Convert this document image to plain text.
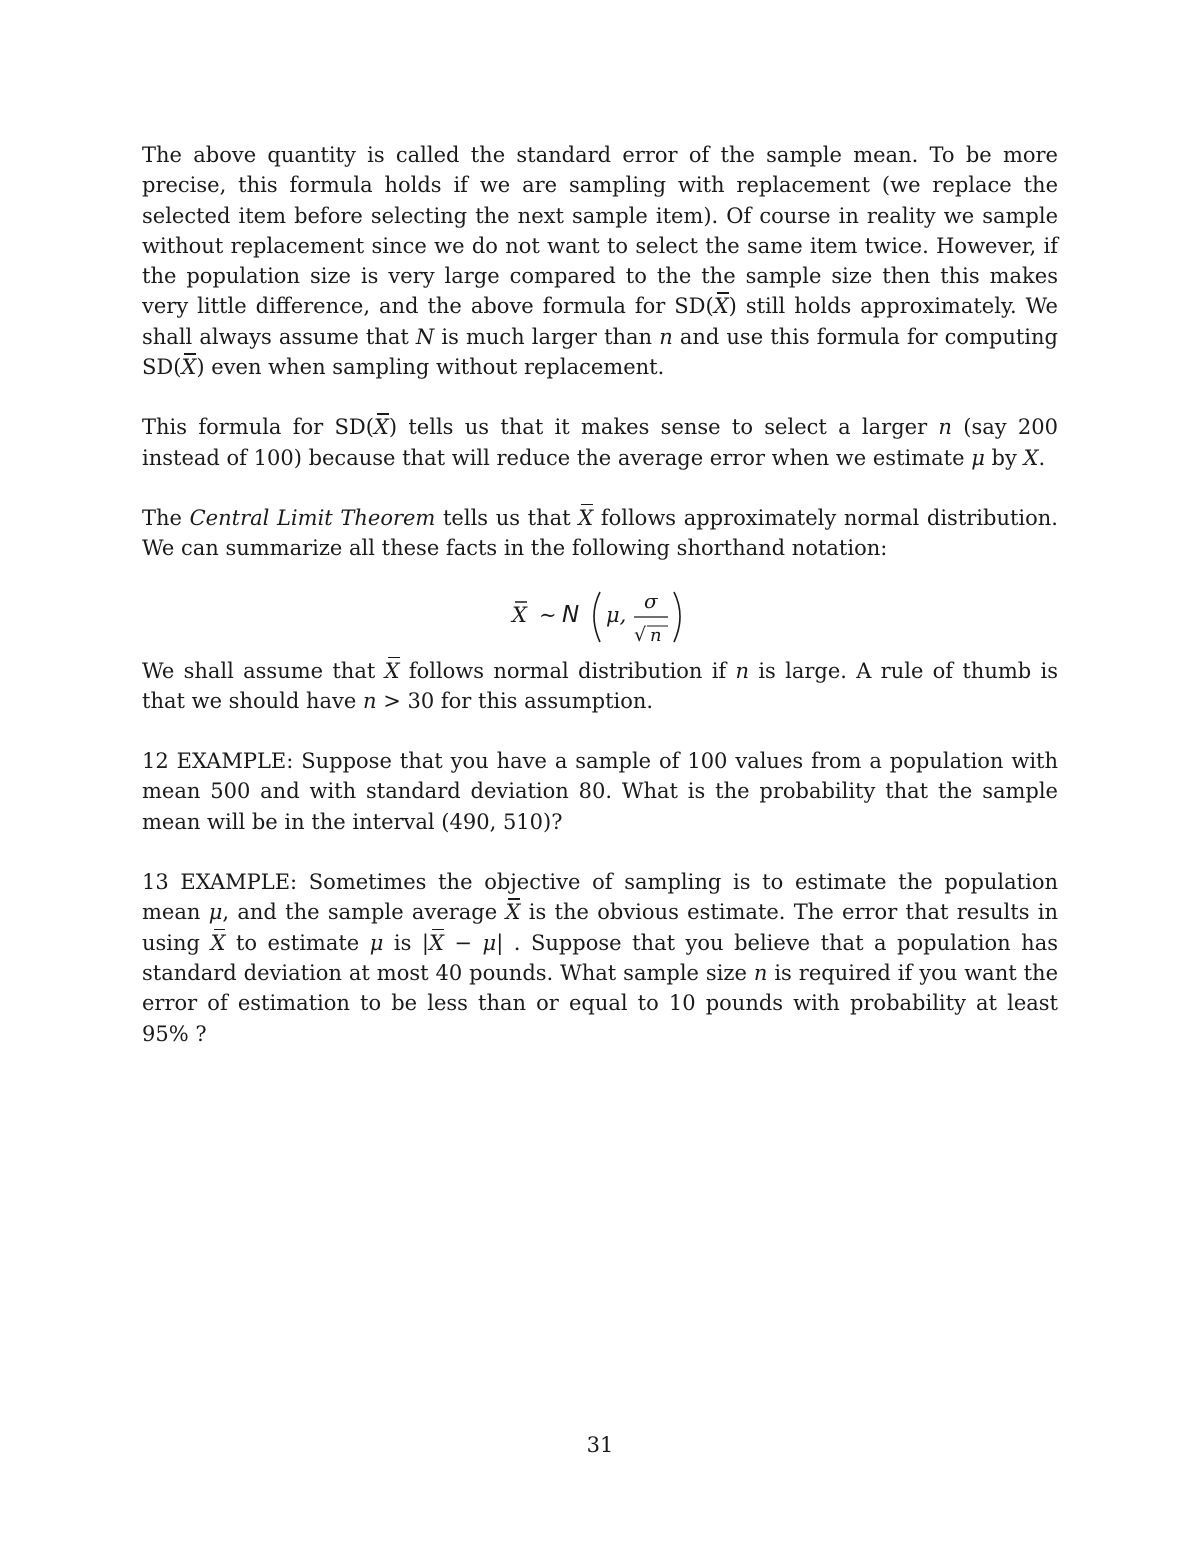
The above quantity is called the standard error of the sample mean. To be more precise, this formula holds if we are sampling with replacement (we replace the selected item before selecting the next sample item). Of course in reality we sample without replacement since we do not want to select the same item twice. However, if the population size is very large compared to the the sample size then this makes very little difference, and the above formula for SD(X) still holds approximately. We shall always assume that N is much larger than n and use this formula for computing SD(X) even when sampling without replacement.

This formula for SD(X) tells us that it makes sense to select a larger n (say 200 instead of 100) because that will reduce the average error when we estimate μ by X.

The Central Limit Theorem tells us that X follows approximately normal distribution. We can summarize all these facts in the following shorthand notation:

X ∼ N μ,
σ
√ n

We shall assume that X follows normal distribution if n is large. A rule of thumb is that we should have n > 30 for this assumption.

12 EXAMPLE: Suppose that you have a sample of 100 values from a population with mean 500 and with standard deviation 80. What is the probability that the sample mean will be in the interval (490, 510)?

13 EXAMPLE: Sometimes the objective of sampling is to estimate the population mean μ, and the sample average X is the obvious estimate. The error that results in using X to estimate μ is |X − μ| . Suppose that you believe that a population has standard deviation at most 40 pounds. What sample size n is required if you want the error of estimation to be less than or equal to 10 pounds with probability at least 95% ?

31
